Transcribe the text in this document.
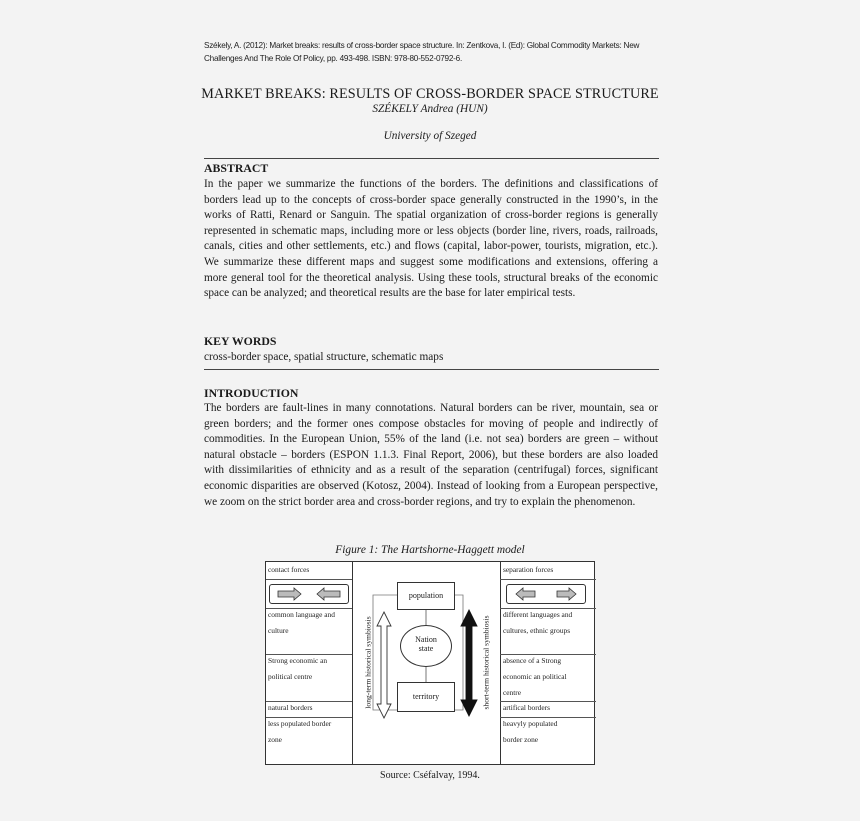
Székely, A. (2012): Market breaks: results of cross-border space structure. In: Zentkova, I. (Ed): Global Commodity Markets: New Challenges And The Role Of Policy, pp. 493-498. ISBN: 978-80-552-0792-6.
MARKET BREAKS: RESULTS OF CROSS-BORDER SPACE STRUCTURE
SZÉKELY Andrea (HUN)
University of Szeged
ABSTRACT

In the paper we summarize the functions of the borders. The definitions and classifications of borders lead up to the concepts of cross-border space generally constructed in the 1990’s, in the works of Ratti, Renard or Sanguin. The spatial organization of cross-border regions is generally represented in schematic maps, including more or less objects (border line, rivers, roads, railroads, canals, cities and other settlements, etc.) and flows (capital, labor-power, tourists, migration, etc.). We summarize these different maps and suggest some modifications and extensions, offering a more general tool for the theoretical analysis. Using these tools, structural breaks of the economic space can be analyzed; and theoretical results are the base for later empirical tests.

KEY WORDS
cross-border space, spatial structure, schematic maps
INTRODUCTION

The borders are fault-lines in many connotations. Natural borders can be river, mountain, sea or green borders; and the former ones compose obstacles for moving of people and indirectly of commodities. In the European Union, 55% of the land (i.e. not sea) borders are green – without natural obstacle – borders (ESPON 1.1.3. Final Report, 2006), but these borders are also loaded with dissimilarities of ethnicity and as a result of the separation (centrifugal) forces, significant economic disparities are observed (Kotosz, 2004). Instead of looking from a European perspective, we zoom on the strict border area and cross-border regions, and try to explain the phenomenon.

Figure 1: The Hartshorne-Haggett model
contact forces
common language and
culture
Strong economic an
political centre
natural borders
less populated border
zone
separation forces
different languages and
cultures, ethnic groups
absence of a Strong
economic an political
centre
artifical borders
heavyly populated
border zone
population
Nation
state
territory
long-term historical symbiosis	short-term historical symbiosis
Source: Cséfalvay, 1994.
